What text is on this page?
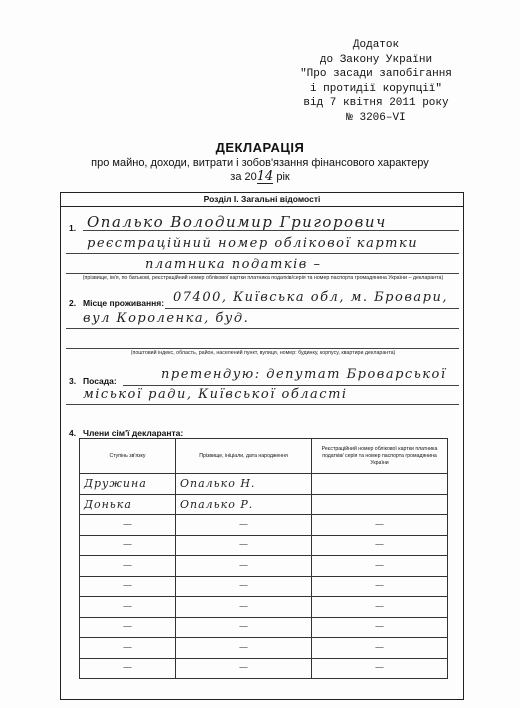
Додаток
до Закону України
"Про засади запобігання
і протидії корупції"
від 7 квітня 2011 року
№ 3206–VI
ДЕКЛАРАЦІЯ
про майно, доходи, витрати і зобов'язання фінансового характеру
за 2014 рік
Розділ І. Загальні відомості
1. Опалько Володимир Григорович
реєстраційний номер облікової картки
платника податків –
(прізвище, ім'я, по батькові, реєстраційний номер облікової картки платника податків/серія та номер паспорта громадянина України – декларанта)
2. Місце проживання: 07400, Київська обл, м. Бровари,
вул Короленка, буд.
(поштовий індекс, область, район, населений пункт, вулиця, номер: будинку, корпусу, квартири декларанта)
3. Посада:	претендую: депутат Броварської
міської ради, Київської області
4. Члени сім'ї декларанта:
Ступінь зв'язку	Прізвище, ініціали, дата народження	Реєстраційний номер облікової картки платника податків/ серія та номер паспорта громадянина України
Дружина	Опалько Н.	
Донька	Опалько Р.	
—	—	—
—	—	—
—	—	—
—	—	—
—	—	—
—	—	—
—	—	—
—	—	—
